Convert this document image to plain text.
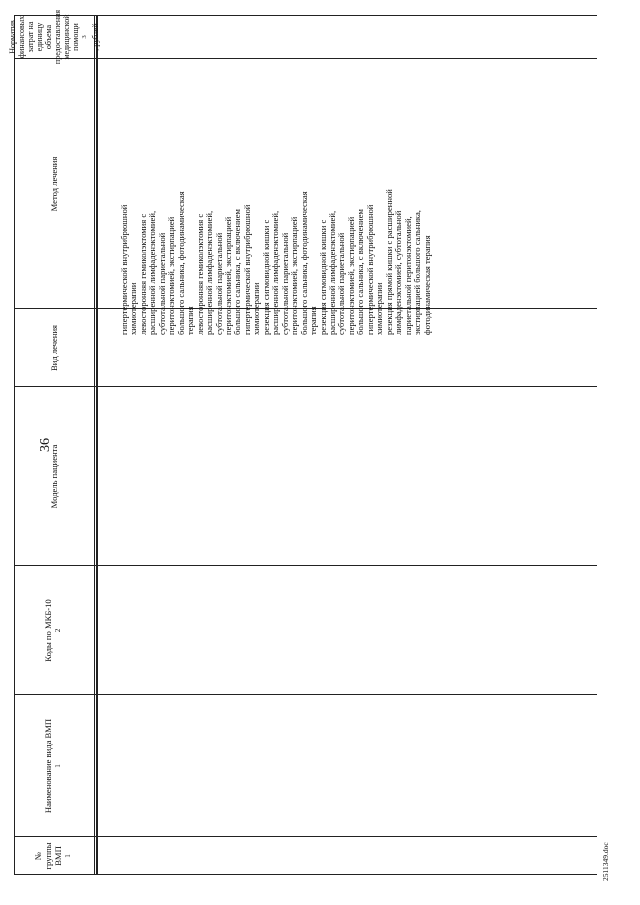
36
№ группы ВМП $^1$
Наименование вида ВМП $^1$
Коды по МКБ-10 $^2$
Модель пациента
Вид лечения
Метод лечения
Норматив финансовых затрат на единицу объема предоставления медицинской помощи $^3$ , рублей

гипертермической внутрибрюшной химиотерапии левосторонняя гемиколэктомия с расширенной лимфаденэктомией, субтотальной париетальной перитонэктомией, экстирпацией большого сальника, фотодинамическая терапия левосторонняя гемиколэктомия с расширенной лимфаденэктомией, субтотальной париетальной перитонэктомией, экстирпацией большого сальника, с включением гипертермической внутрибрюшной химиотерапии резекция сигмовидной кишки с расширенной лимфаденэктомией, субтотальной париетальной перитонэктомией, экстирпацией большого сальника, фотодинамическая терапия резекция сигмовидной кишки с расширенной лимфаденэктомией, субтотальной париетальной перитонэктомией, экстирпацией большого сальника, с включением гипертермической внутрибрюшной химиотерапии резекция прямой кишки с расширенной лимфаденэктомией, субтотальной париетальной перитонэктомией, экстирпацией большого сальника, фотодинамическая терапия

2511349.doc
